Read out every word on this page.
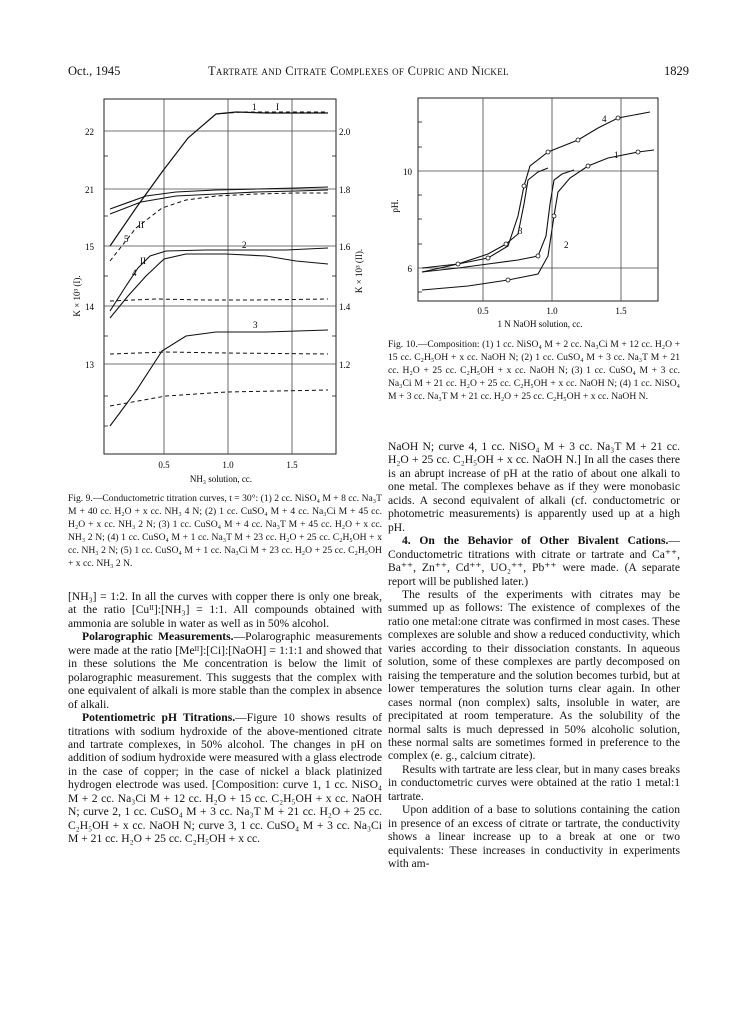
Oct., 1945	Tartrate and Citrate Complexes of Cupric and Nickel	1829
22
21
15
14
13
2.0
1.8
1.6
1.4
1.2
K × 10³ (I).
K × 10³ (II).
0.5	1.0	1.5
NH₃ solution, cc.
1 I
II
5
II
4
2
3
Fig. 9.—Conductometric titration curves, t = 30°: (1) 2 cc. NiSO₄ M + 8 cc. Na₃T M + 40 cc. H₂O + x cc. NH₃ 4 N; (2) 1 cc. CuSO₄ M + 4 cc. Na₃Ci M + 45 cc. H₂O + x cc. NH₃ 2 N; (3) 1 cc. CuSO₄ M + 4 cc. Na₃T M + 45 cc. H₂O + x cc. NH₃ 2 N; (4) 1 cc. CuSO₄ M + 1 cc. Na₃T M + 23 cc. H₂O + 25 cc. C₂H₅OH + x cc. NH₃ 2 N; (5) 1 cc. CuSO₄ M + 1 cc. Na₃Ci M + 23 cc. H₂O + 25 cc. C₂H₅OH + x cc. NH₃ 2 N.
10
6
pH.
0.5	1.0	1.5
1 N NaOH solution, cc.
4
1
3
2
Fig. 10.—Composition: (1) 1 cc. NiSO₄ M + 2 cc. Na₃Ci M + 12 cc. H₂O + 15 cc. C₂H₅OH + x cc. NaOH N; (2) 1 cc. CuSO₄ M + 3 cc. Na₃T M + 21 cc. H₂O + 25 cc. C₂H₅OH + x cc. NaOH N; (3) 1 cc. CuSO₄ M + 3 cc. Na₃Ci M + 21 cc. H₂O + 25 cc. C₂H₅OH + x cc. NaOH N; (4) 1 cc. NiSO₄ M + 3 cc. Na₃T M + 21 cc. H₂O + 25 cc. C₂H₅OH + x cc. NaOH N.

[NH₃] = 1:2. In all the curves with copper there is only one break, at the ratio [Cuᴵᴵ]:[NH₃] = 1:1. All compounds obtained with ammonia are soluble in water as well as in 50% alcohol.

Polarographic Measurements.—Polarographic measurements were made at the ratio [Meᴵᴵ]:[Ci]:[NaOH] = 1:1:1 and showed that in these solutions the Me concentration is below the limit of polarographic measurement. This suggests that the complex with one equivalent of alkali is more stable than the complex in absence of alkali.

Potentiometric pH Titrations.—Figure 10 shows results of titrations with sodium hydroxide of the above-mentioned citrate and tartrate complexes, in 50% alcohol. The changes in pH on addition of sodium hydroxide were measured with a glass electrode in the case of copper; in the case of nickel a black platinized hydrogen electrode was used. [Composition: curve 1, 1 cc. NiSO₄ M + 2 cc. Na₃Ci M + 12 cc. H₂O + 15 cc. C₂H₅OH + x cc. NaOH N; curve 2, 1 cc. CuSO₄ M + 3 cc. Na₃T M + 21 cc. H₂O + 25 cc. C₂H₅OH + x cc. NaOH N; curve 3, 1 cc. CuSO₄ M + 3 cc. Na₃Ci M + 21 cc. H₂O + 25 cc. C₂H₅OH + x cc.

NaOH N; curve 4, 1 cc. NiSO₄ M + 3 cc. Na₃T M + 21 cc. H₂O + 25 cc. C₂H₅OH + x cc. NaOH N.] In all the cases there is an abrupt increase of pH at the ratio of about one alkali to one metal. The complexes behave as if they were monobasic acids. A second equivalent of alkali (cf. conductometric or photometric measurements) is apparently used up at a high pH.

4. On the Behavior of Other Bivalent Cations.—Conductometric titrations with citrate or tartrate and Ca⁺⁺, Ba⁺⁺, Zn⁺⁺, Cd⁺⁺, UO₂⁺⁺, Pb⁺⁺ were made. (A separate report will be published later.)

The results of the experiments with citrates may be summed up as follows: The existence of complexes of the ratio one metal:one citrate was confirmed in most cases. These complexes are soluble and show a reduced conductivity, which varies according to their dissociation constants. In aqueous solution, some of these complexes are partly decomposed on raising the temperature and the solution becomes turbid, but at lower temperatures the solution turns clear again. In other cases normal (non complex) salts, insoluble in water, are precipitated at room temperature. As the solubility of the normal salts is much depressed in 50% alcoholic solution, these normal salts are sometimes formed in preference to the complex (e. g., calcium citrate).

Results with tartrate are less clear, but in many cases breaks in conductometric curves were obtained at the ratio 1 metal:1 tartrate.

Upon addition of a base to solutions containing the cation in presence of an excess of citrate or tartrate, the conductivity shows a linear increase up to a break at one or two equivalents: These increases in conductivity in experiments with am-
